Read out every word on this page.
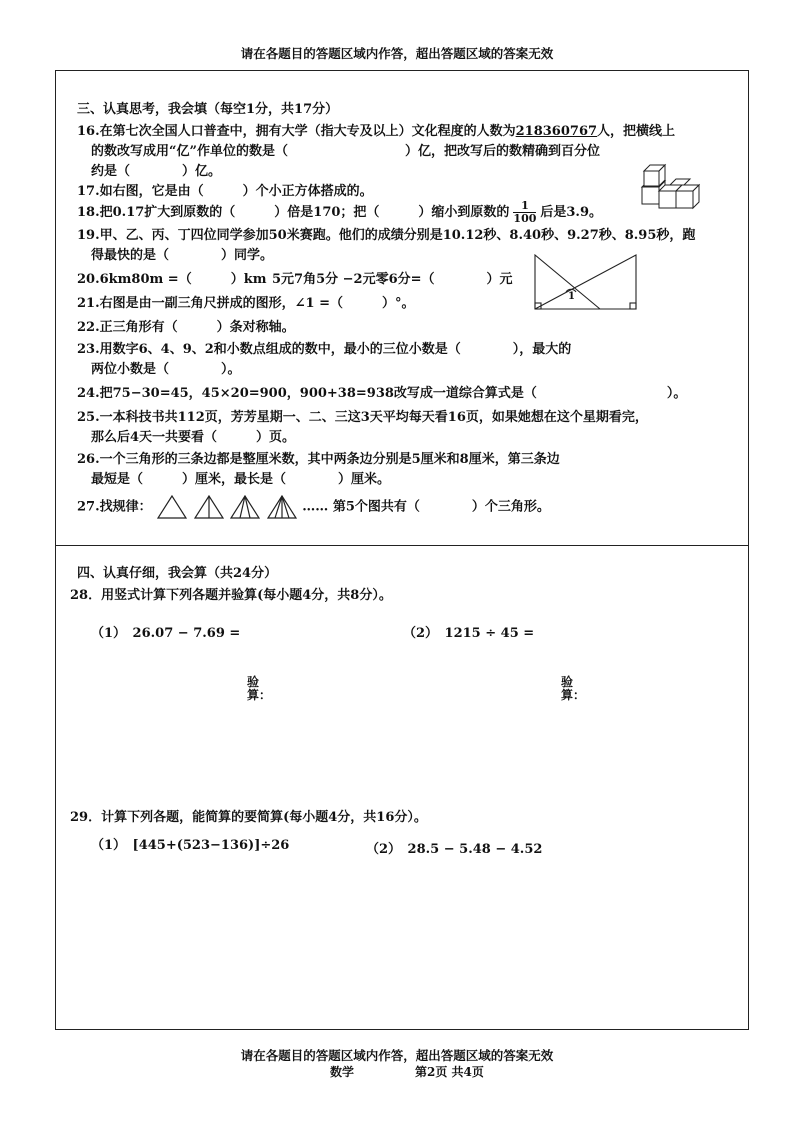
请在各题目的答题区域内作答，超出答题区域的答案无效
三、认真思考，我会填（每空1分，共17分）
16.在第七次全国人口普查中，拥有大学（指大专及以上）文化程度的人数为218360767人，把横线上
的数改写成用“亿”作单位的数是（　　　　　　　　　）亿，把改写后的数精确到百分位
约是（　　　　）亿。
17.如右图，它是由（　　　）个小正方体搭成的。
18.把0.17扩大到原数的（　　　）倍是170；把（　　　）缩小到原数的 $\frac{1}{100}$ 后是3.9。
19.甲、乙、丙、丁四位同学参加50米赛跑。他们的成绩分别是10.12秒、8.40秒、9.27秒、8.95秒，跑
得最快的是（　　　　）同学。
20.6km80m =（　　　）km 5元7角5分 −2元零6分=（　　　　）元
1
21.右图是由一副三角尺拼成的图形，∠1 =（　　　）°。
22.正三角形有（　　　）条对称轴。
23.用数字6、4、9、2和小数点组成的数中，最小的三位小数是（　　　　），最大的
两位小数是（　　　　）。
24.把75−30=45，45×20=900，900+38=938改写成一道综合算式是（　　　　　　　　　　）。
25.一本科技书共112页，芳芳星期一、二、三这3天平均每天看16页，如果她想在这个星期看完，
那么后4天一共要看（　　　）页。
26.一个三角形的三条边都是整厘米数，其中两条边分别是5厘米和8厘米，第三条边
最短是（　　　）厘米，最长是（　　　　）厘米。
27.找规律：	…… 第5个图共有（　　　　）个三角形。
四、认真仔细，我会算（共24分）
28．用竖式计算下列各题并验算(每小题4分，共8分）。
（1）　26.07 − 7.69 =	（2）　1215 ÷ 45 =
验算：
验算：
29．计算下列各题，能简算的要简算(每小题4分，共16分）。
（1）　[445+(523−136)]÷26	（2）　28.5 − 5.48 − 4.52
请在各题目的答题区域内作答，超出答题区域的答案无效
数学	第2页 共4页
